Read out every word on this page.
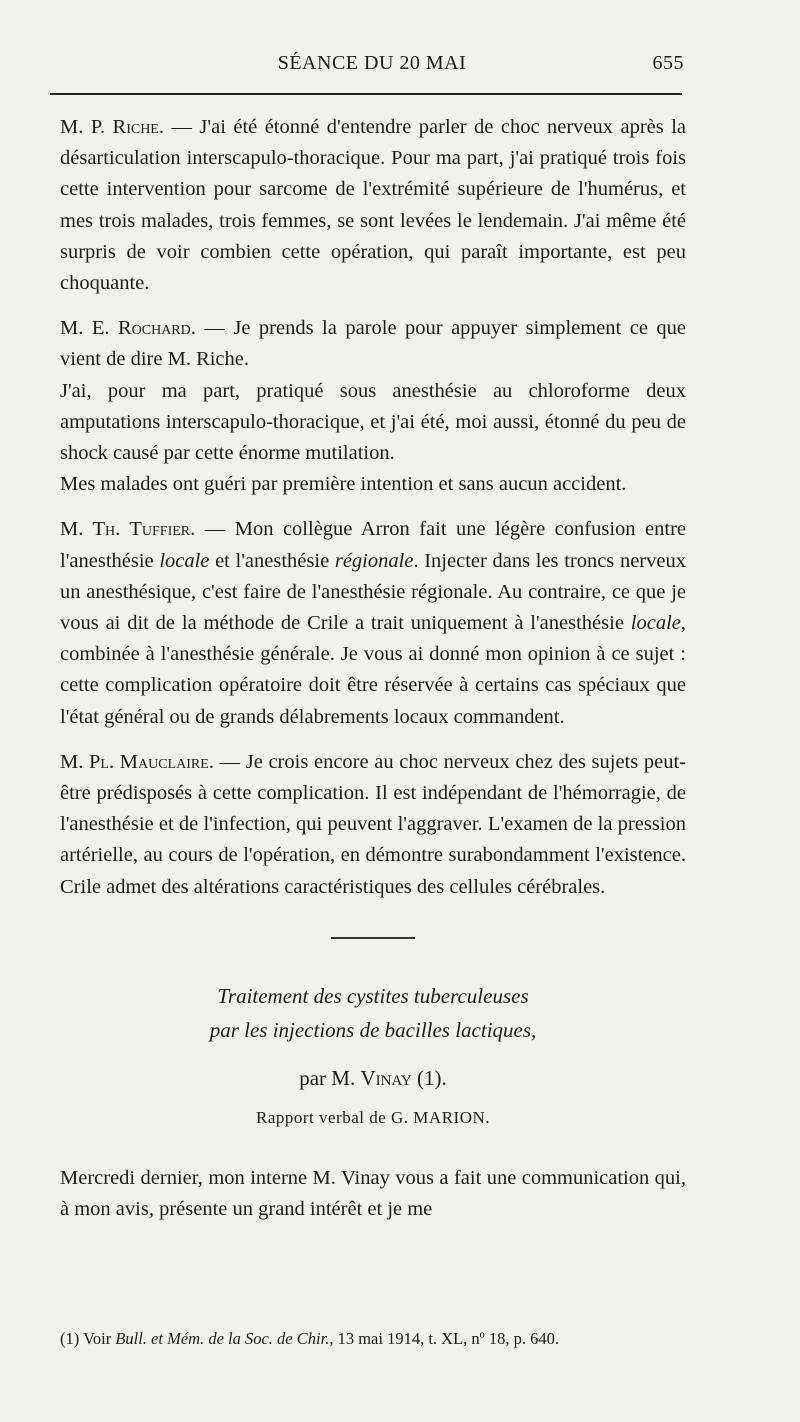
SÉANCE DU 20 MAI	655

M. P. Riche. — J'ai été étonné d'entendre parler de choc nerveux après la désarticulation interscapulo-thoracique. Pour ma part, j'ai pratiqué trois fois cette intervention pour sarcome de l'extrémité supérieure de l'humérus, et mes trois malades, trois femmes, se sont levées le lendemain. J'ai même été surpris de voir combien cette opération, qui paraît importante, est peu choquante.

M. E. Rochard. — Je prends la parole pour appuyer simplement ce que vient de dire M. Riche.

J'ai, pour ma part, pratiqué sous anesthésie au chloroforme deux amputations interscapulo-thoracique, et j'ai été, moi aussi, étonné du peu de shock causé par cette énorme mutilation.

Mes malades ont guéri par première intention et sans aucun accident.

M. Th. Tuffier. — Mon collègue Arron fait une légère confusion entre l'anesthésie locale et l'anesthésie régionale. Injecter dans les troncs nerveux un anesthésique, c'est faire de l'anesthésie régionale. Au contraire, ce que je vous ai dit de la méthode de Crile a trait uniquement à l'anesthésie locale, combinée à l'anesthésie générale. Je vous ai donné mon opinion à ce sujet : cette complication opératoire doit être réservée à certains cas spéciaux que l'état général ou de grands délabrements locaux commandent.

M. Pl. Mauclaire. — Je crois encore au choc nerveux chez des sujets peut-être prédisposés à cette complication. Il est indépendant de l'hémorragie, de l'anesthésie et de l'infection, qui peuvent l'aggraver. L'examen de la pression artérielle, au cours de l'opération, en démontre surabondamment l'existence. Crile admet des altérations caractéristiques des cellules cérébrales.

Traitement des cystites tuberculeuses
par les injections de bacilles lactiques,
par M. Vinay (1).
Rapport verbal de G. MARION.

Mercredi dernier, mon interne M. Vinay vous a fait une communication qui, à mon avis, présente un grand intérêt et je me

(1) Voir Bull. et Mém. de la Soc. de Chir., 13 mai 1914, t. XL, nº 18, p. 640.
